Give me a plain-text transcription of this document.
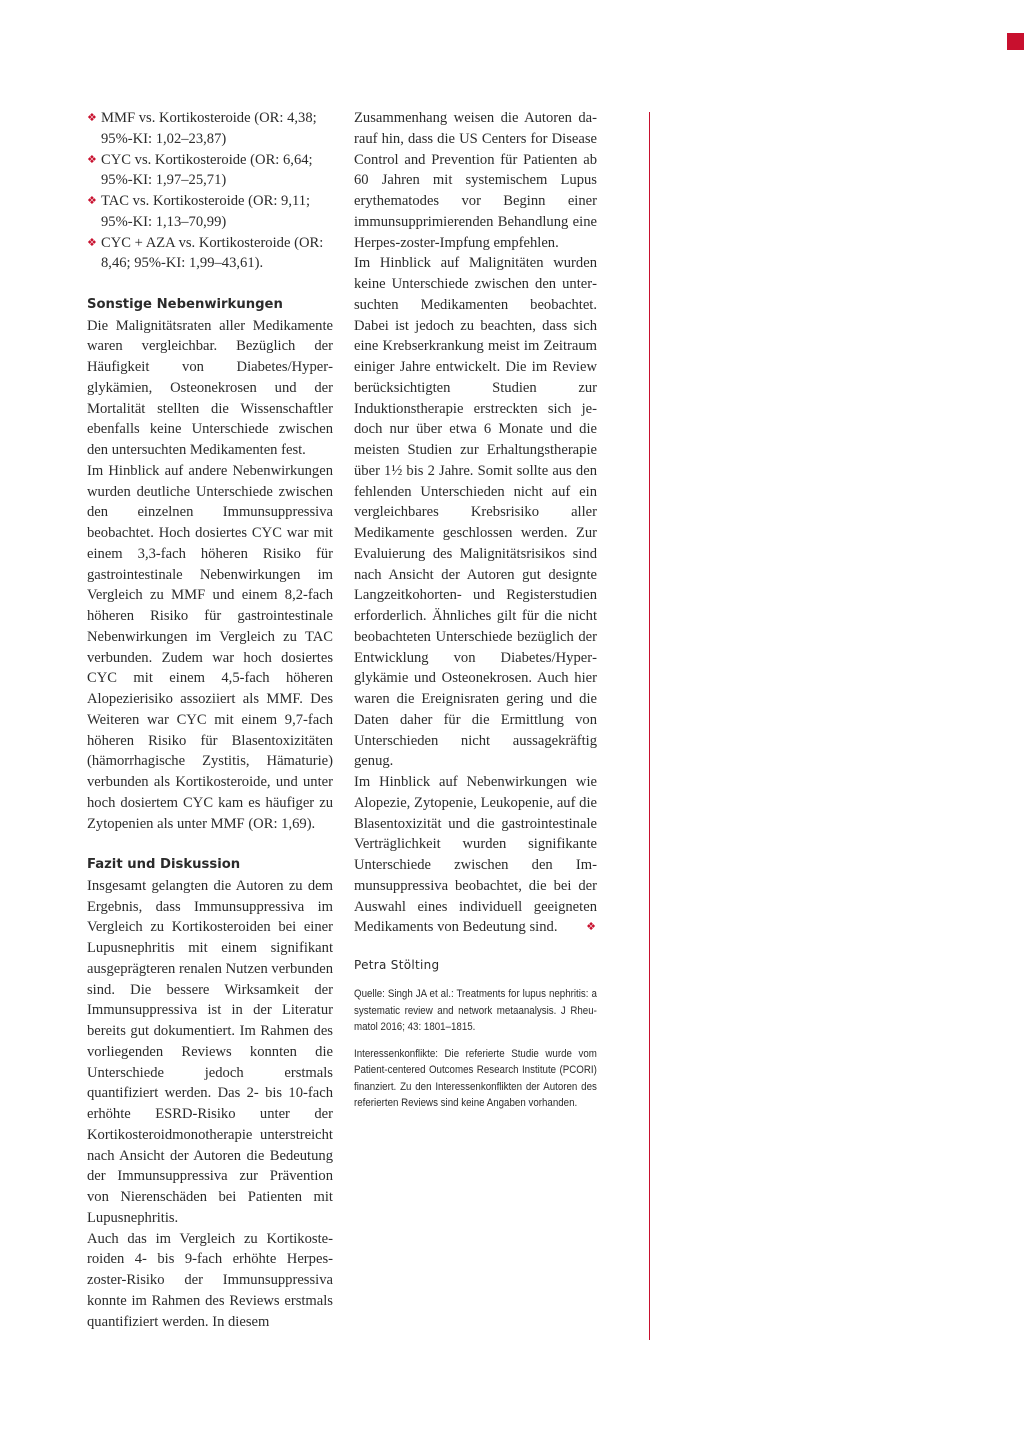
❖ MMF vs. Kortikosteroide (OR: 4,38; 95%-KI: 1,02–23,87)
❖ CYC vs. Kortikosteroide (OR: 6,64; 95%-KI: 1,97–25,71)
❖ TAC vs. Kortikosteroide (OR: 9,11; 95%-KI: 1,13–70,99)
❖ CYC + AZA vs. Kortikosteroide (OR: 8,46; 95%-KI: 1,99–43,61).
Sonstige Nebenwirkungen

Die Malignitätsraten aller Medikamente waren vergleichbar. Bezüglich der Häufigkeit von Diabetes/Hyperglykämien, Osteonekrosen und der Mortalität stellten die Wissenschaftler ebenfalls keine Unterschiede zwischen den untersuchten Medikamenten fest.

Im Hinblick auf andere Nebenwirkungen wurden deutliche Unterschiede zwischen den einzelnen Immunsuppressiva beobachtet. Hoch dosiertes CYC war mit einem 3,3-fach höheren Risiko für gastrointestinale Nebenwirkungen im Vergleich zu MMF und einem 8,2-fach höheren Risiko für gastrointestinale Nebenwirkungen im Vergleich zu TAC verbunden. Zudem war hoch dosiertes CYC mit einem 4,5-fach höheren Alopezierisiko assoziiert als MMF. Des Weiteren war CYC mit einem 9,7-fach höheren Risiko für Blasentoxizitäten (hämorrhagische Zystitis, Hämaturie) verbunden als Kortikosteroide, und unter hoch dosiertem CYC kam es häufiger zu Zytopenien als unter MMF (OR: 1,69).

Fazit und Diskussion

Insgesamt gelangten die Autoren zu dem Ergebnis, dass Immunsuppressiva im Vergleich zu Kortikosteroiden bei einer Lupusnephritis mit einem signifikant ausgeprägteren renalen Nutzen verbunden sind. Die bessere Wirksamkeit der Immunsuppressiva ist in der Literatur bereits gut dokumentiert. Im Rahmen des vorliegenden Reviews konnten die Unterschiede jedoch erstmals quantifiziert werden. Das 2- bis 10-fach erhöhte ESRD-Risiko unter der Kortikosteroidmonotherapie unterstreicht nach Ansicht der Autoren die Bedeutung der Immunsuppressiva zur Prävention von Nierenschäden bei Patienten mit Lupusnephritis.

Auch das im Vergleich zu Kortikosteroiden 4- bis 9-fach erhöhte Herpeszoster-Risiko der Immunsuppressiva konnte im Rahmen des Reviews erstmals quantifiziert werden. In diesem

Zusammenhang weisen die Autoren darauf hin, dass die US Centers for Disease Control and Prevention für Patienten ab 60 Jahren mit systemischem Lupus erythematodes vor Beginn einer immunsupprimierenden Behandlung eine Herpes-zoster-Impfung empfehlen.

Im Hinblick auf Malignitäten wurden keine Unterschiede zwischen den untersuchten Medikamenten beobachtet. Dabei ist jedoch zu beachten, dass sich eine Krebserkrankung meist im Zeitraum einiger Jahre entwickelt. Die im Review berücksichtigten Studien zur Induktionstherapie erstreckten sich jedoch nur über etwa 6 Monate und die meisten Studien zur Erhaltungstherapie über 1½ bis 2 Jahre. Somit sollte aus den fehlenden Unterschieden nicht auf ein vergleichbares Krebsrisiko aller Medikamente geschlossen werden. Zur Evaluierung des Malignitätsrisikos sind nach Ansicht der Autoren gut designte Langzeitkohorten- und Registerstudien erforderlich. Ähnliches gilt für die nicht beobachteten Unterschiede bezüglich der Entwicklung von Diabetes/Hyperglykämie und Osteonekrosen. Auch hier waren die Ereignisraten gering und die Daten daher für die Ermittlung von Unterschieden nicht aussagekräftig genug.

Im Hinblick auf Nebenwirkungen wie Alopezie, Zytopenie, Leukopenie, auf die Blasentoxizität und die gastrointestinale Verträglichkeit wurden signifikante Unterschiede zwischen den Immunsuppressiva beobachtet, die bei der Auswahl eines individuell geeigneten Medikaments von Bedeutung sind.	❖

Petra Stölting

Quelle: Singh JA et al.: Treatments for lupus nephritis: a systematic review and network metaanalysis. J Rheumatol 2016; 43: 1801–1815.

Interessenkonflikte: Die referierte Studie wurde vom Patient-centered Outcomes Research Institute (PCORI) finanziert. Zu den Interessenkonflikten der Autoren des referierten Reviews sind keine Angaben vorhanden.
